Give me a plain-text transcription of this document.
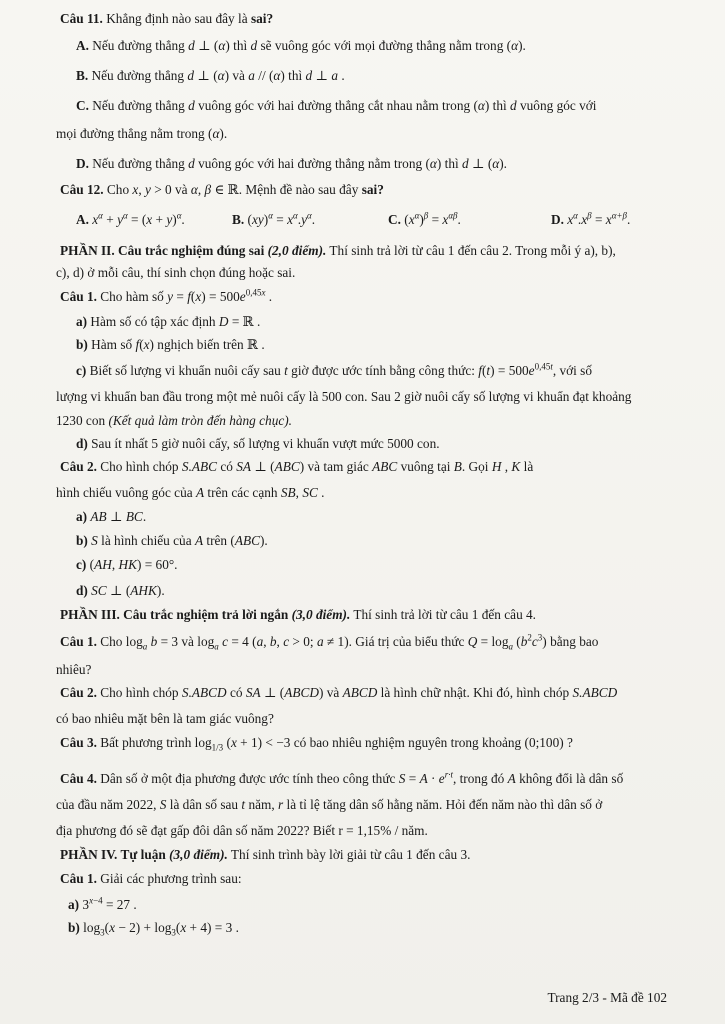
Câu 11. Khẳng định nào sau đây là sai?
A. Nếu đường thẳng d ⊥ (α) thì d sẽ vuông góc với mọi đường thẳng nằm trong (α).
B. Nếu đường thẳng d ⊥ (α) và a // (α) thì d ⊥ a .
C. Nếu đường thẳng d vuông góc với hai đường thẳng cắt nhau nằm trong (α) thì d vuông góc với
mọi đường thẳng nằm trong (α).
D. Nếu đường thẳng d vuông góc với hai đường thẳng nằm trong (α) thì d ⊥ (α).
Câu 12. Cho x, y > 0 và α, β ∈ ℝ. Mệnh đề nào sau đây sai?
A. $x^\alpha + y^\alpha = (x + y)^\alpha$.	B. $(xy)^\alpha = x^\alpha.y^\alpha$.	C. $(x^\alpha)^\beta = x^{\alpha\beta}$.	D. $x^\alpha.x^\beta = x^{\alpha+\beta}$.
PHẦN II. Câu trắc nghiệm đúng sai (2,0 điểm). Thí sinh trả lời từ câu 1 đến câu 2. Trong mỗi ý a), b),
c), d) ở mỗi câu, thí sinh chọn đúng hoặc sai.
Câu 1. Cho hàm số $y = f(x) = 500e^{0,45x}$ .
a) Hàm số có tập xác định D = ℝ .
b) Hàm số f(x) nghịch biến trên ℝ .
c) Biết số lượng vi khuẩn nuôi cấy sau t giờ được ước tính bằng công thức: $f(t) = 500e^{0,45t}$, với số
lượng vi khuẩn ban đầu trong một mẻ nuôi cấy là 500 con. Sau 2 giờ nuôi cấy số lượng vi khuẩn đạt khoảng
1230 con (Kết quả làm tròn đến hàng chục).
d) Sau ít nhất 5 giờ nuôi cấy, số lượng vi khuẩn vượt mức 5000 con.
Câu 2. Cho hình chóp S.ABC có SA ⊥ (ABC) và tam giác ABC vuông tại B. Gọi H , K là
hình chiếu vuông góc của A trên các cạnh SB, SC .
a) AB ⊥ BC.
b) S là hình chiếu của A trên (ABC).
c) (AH, HK) = 60°.
d) SC ⊥ (AHK).
PHẦN III. Câu trắc nghiệm trả lời ngắn (3,0 điểm). Thí sinh trả lời từ câu 1 đến câu 4.
Câu 1. Cho $\log_a b = 3$ và $\log_a c = 4$ (a, b, c > 0; a ≠ 1). Giá trị của biểu thức $Q = \log_a (b^2c^3)$ bằng bao
nhiêu?
Câu 2. Cho hình chóp S.ABCD có SA ⊥ (ABCD) và ABCD là hình chữ nhật. Khi đó, hình chóp S.ABCD
có bao nhiêu mặt bên là tam giác vuông?
Câu 3. Bất phương trình $\log_{1/3} (x + 1) < -3$ có bao nhiêu nghiệm nguyên trong khoảng (0;100) ?
Câu 4. Dân số ở một địa phương được ước tính theo công thức $S = A \cdot e^{r\cdot t}$, trong đó A không đổi là dân số
của đầu năm 2022, S là dân số sau t năm, r là tỉ lệ tăng dân số hằng năm. Hỏi đến năm nào thì dân số ở
địa phương đó sẽ đạt gấp đôi dân số năm 2022? Biết r = 1,15% / năm.
PHẦN IV. Tự luận (3,0 điểm). Thí sinh trình bày lời giải từ câu 1 đến câu 3.
Câu 1. Giải các phương trình sau:
a) $3^{x-4} = 27$ .
b) $\log_3(x - 2) + \log_3(x + 4) = 3$ .
Trang 2/3 - Mã đề 102
